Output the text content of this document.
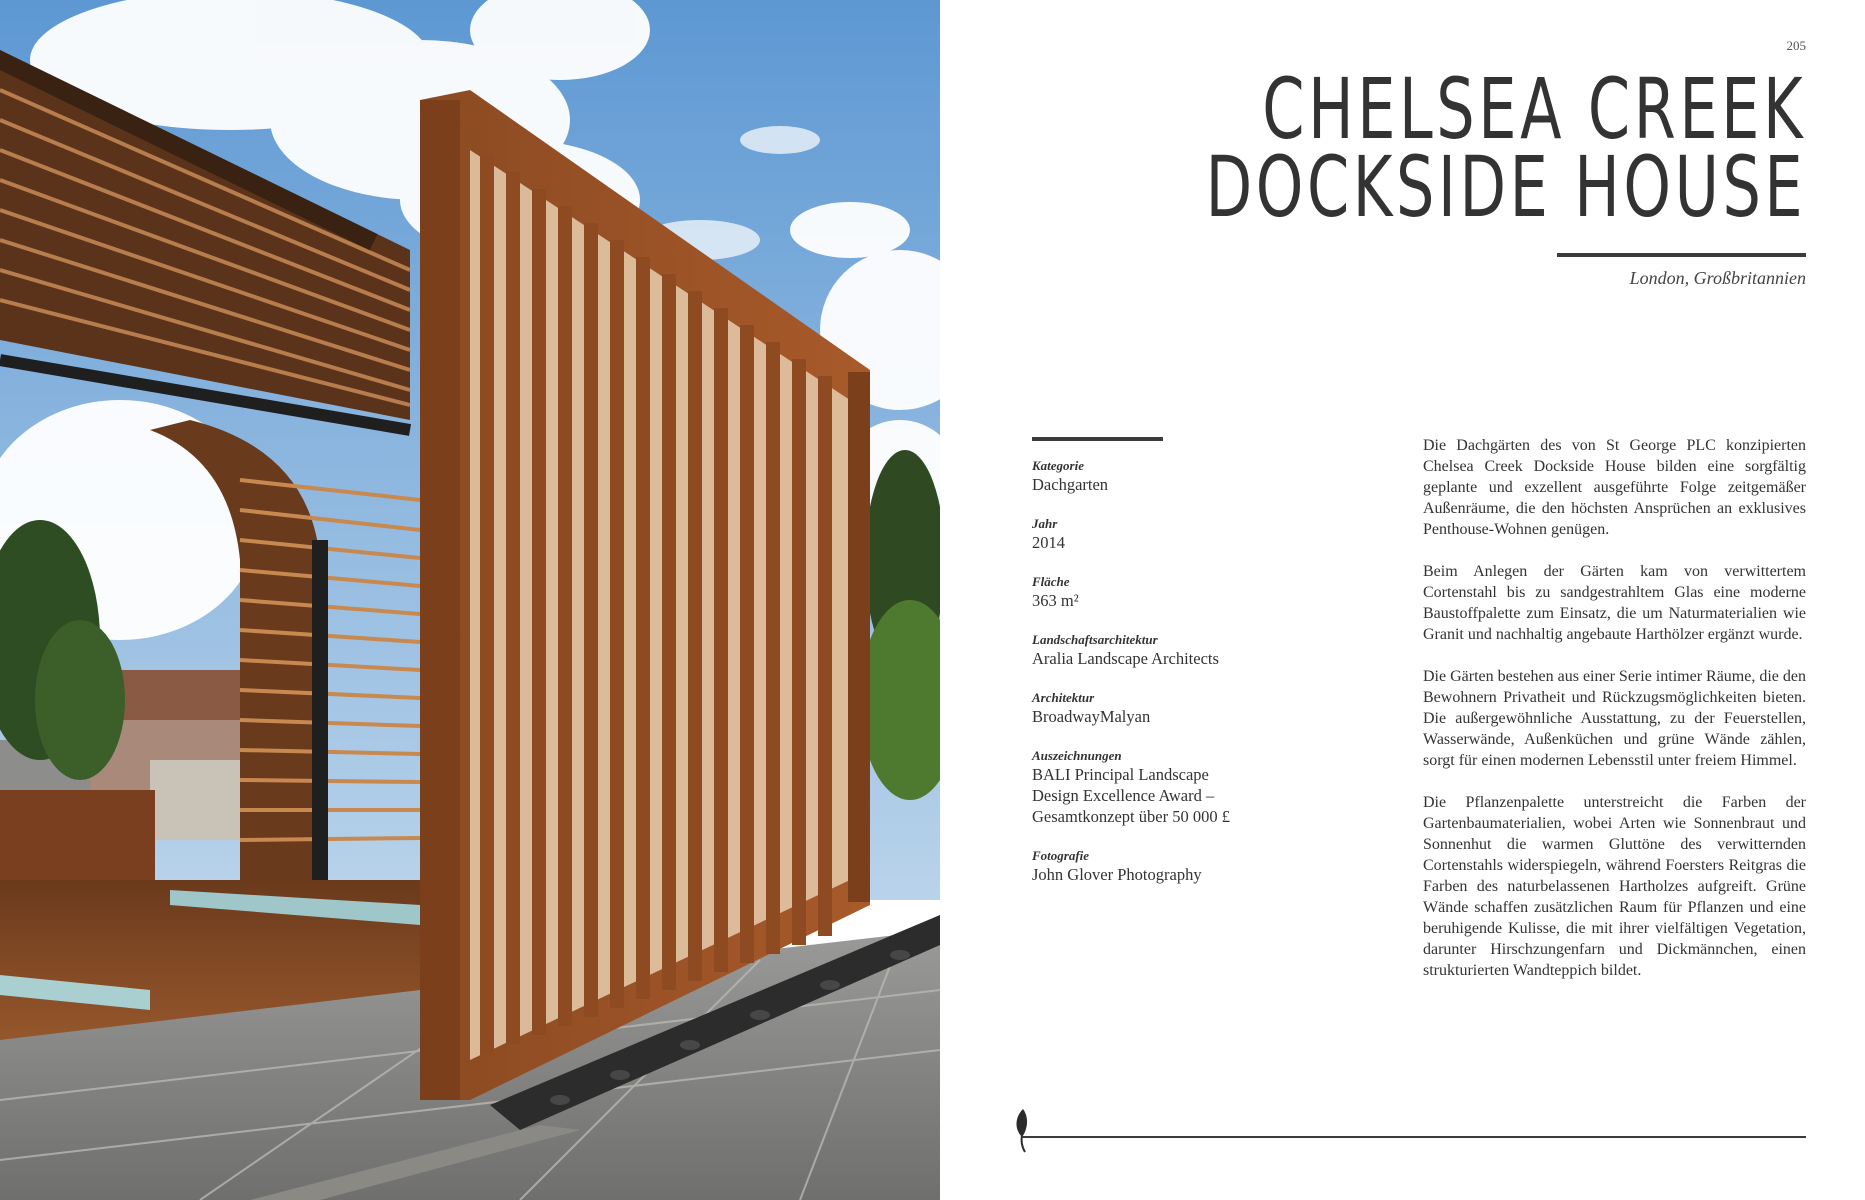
205
CHELSEA CREEK
DOCKSIDE HOUSE
London, Großbritannien
Kategorie
Dachgarten
Jahr
2014
Fläche
363 m²
Landschaftsarchitektur
Aralia Landscape Architects
Architektur
BroadwayMalyan
Auszeichnungen
BALI Principal Landscape
Design Excellence Award –
Gesamtkonzept über 50 000 £
Fotografie
John Glover Photography

Die Dachgärten des von St George PLC konzipierten Chelsea Creek Dockside House bilden eine sorgfältig geplante und exzellent ausgeführte Folge zeitgemäßer Außenräume, die den höchsten Ansprüchen an exklusives Penthouse-Wohnen genügen.

Beim Anlegen der Gärten kam von verwittertem Cortenstahl bis zu sandgestrahltem Glas eine moderne Baustoffpalette zum Einsatz, die um Naturmaterialien wie Granit und nachhaltig angebaute Harthölzer ergänzt wurde.

Die Gärten bestehen aus einer Serie intimer Räume, die den Bewohnern Privatheit und Rückzugsmöglichkeiten bieten. Die außergewöhnliche Ausstattung, zu der Feuerstellen, Wasserwände, Außenküchen und grüne Wände zählen, sorgt für einen modernen Lebensstil unter freiem Himmel.

Die Pflanzenpalette unterstreicht die Farben der Gartenbaumaterialien, wobei Arten wie Sonnenbraut und Sonnenhut die warmen Gluttöne des verwitternden Cortenstahls widerspiegeln, während Foersters Reitgras die Farben des naturbelassenen Hartholzes aufgreift. Grüne Wände schaffen zusätzlichen Raum für Pflanzen und eine beruhigende Kulisse, die mit ihrer vielfältigen Vegetation, darunter Hirschzungenfarn und Dickmännchen, einen strukturierten Wandteppich bildet.
